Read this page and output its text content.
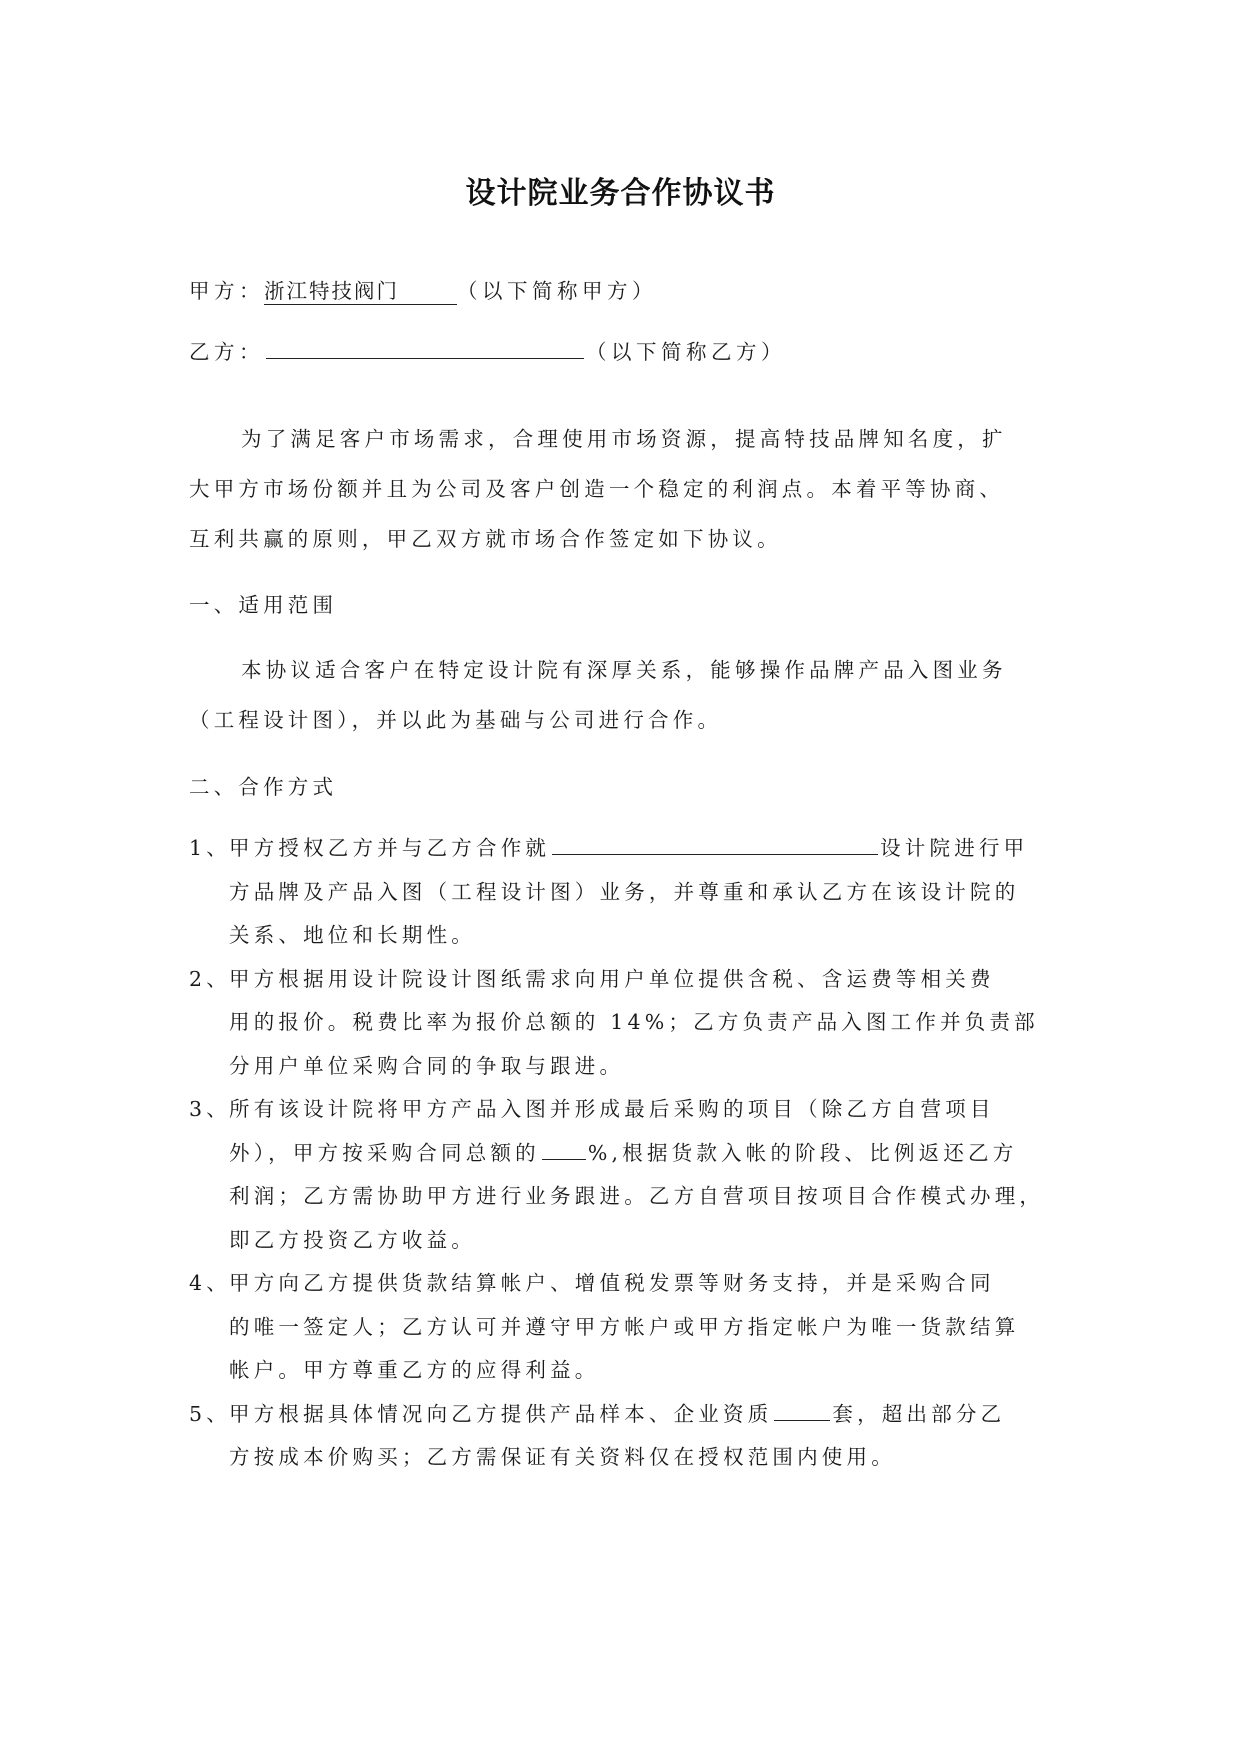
设计院业务合作协议书
甲方：浙江特技阀门	（以下简称甲方）
乙方：	（以下简称乙方）
为了满足客户市场需求，合理使用市场资源，提高特技品牌知名度，扩
大甲方市场份额并且为公司及客户创造一个稳定的利润点。本着平等协商、
互利共赢的原则，甲乙双方就市场合作签定如下协议。
一、适用范围
本协议适合客户在特定设计院有深厚关系，能够操作品牌产品入图业务
（工程设计图），并以此为基础与公司进行合作。
二、合作方式
1、
甲方授权乙方并与乙方合作就	设计院进行甲
方品牌及产品入图（工程设计图）业务，并尊重和承认乙方在该设计院的
关系、地位和长期性。
2、
甲方根据用设计院设计图纸需求向用户单位提供含税、含运费等相关费
用的报价。税费比率为报价总额的 14%；乙方负责产品入图工作并负责部
分用户单位采购合同的争取与跟进。
3、
所有该设计院将甲方产品入图并形成最后采购的项目（除乙方自营项目
外），甲方按采购合同总额的 %,根据货款入帐的阶段、比例返还乙方
利润；乙方需协助甲方进行业务跟进。乙方自营项目按项目合作模式办理，
即乙方投资乙方收益。
4、
甲方向乙方提供货款结算帐户、增值税发票等财务支持，并是采购合同
的唯一签定人；乙方认可并遵守甲方帐户或甲方指定帐户为唯一货款结算
帐户。甲方尊重乙方的应得利益。
5、
甲方根据具体情况向乙方提供产品样本、企业资质	套，超出部分乙
方按成本价购买；乙方需保证有关资料仅在授权范围内使用。
